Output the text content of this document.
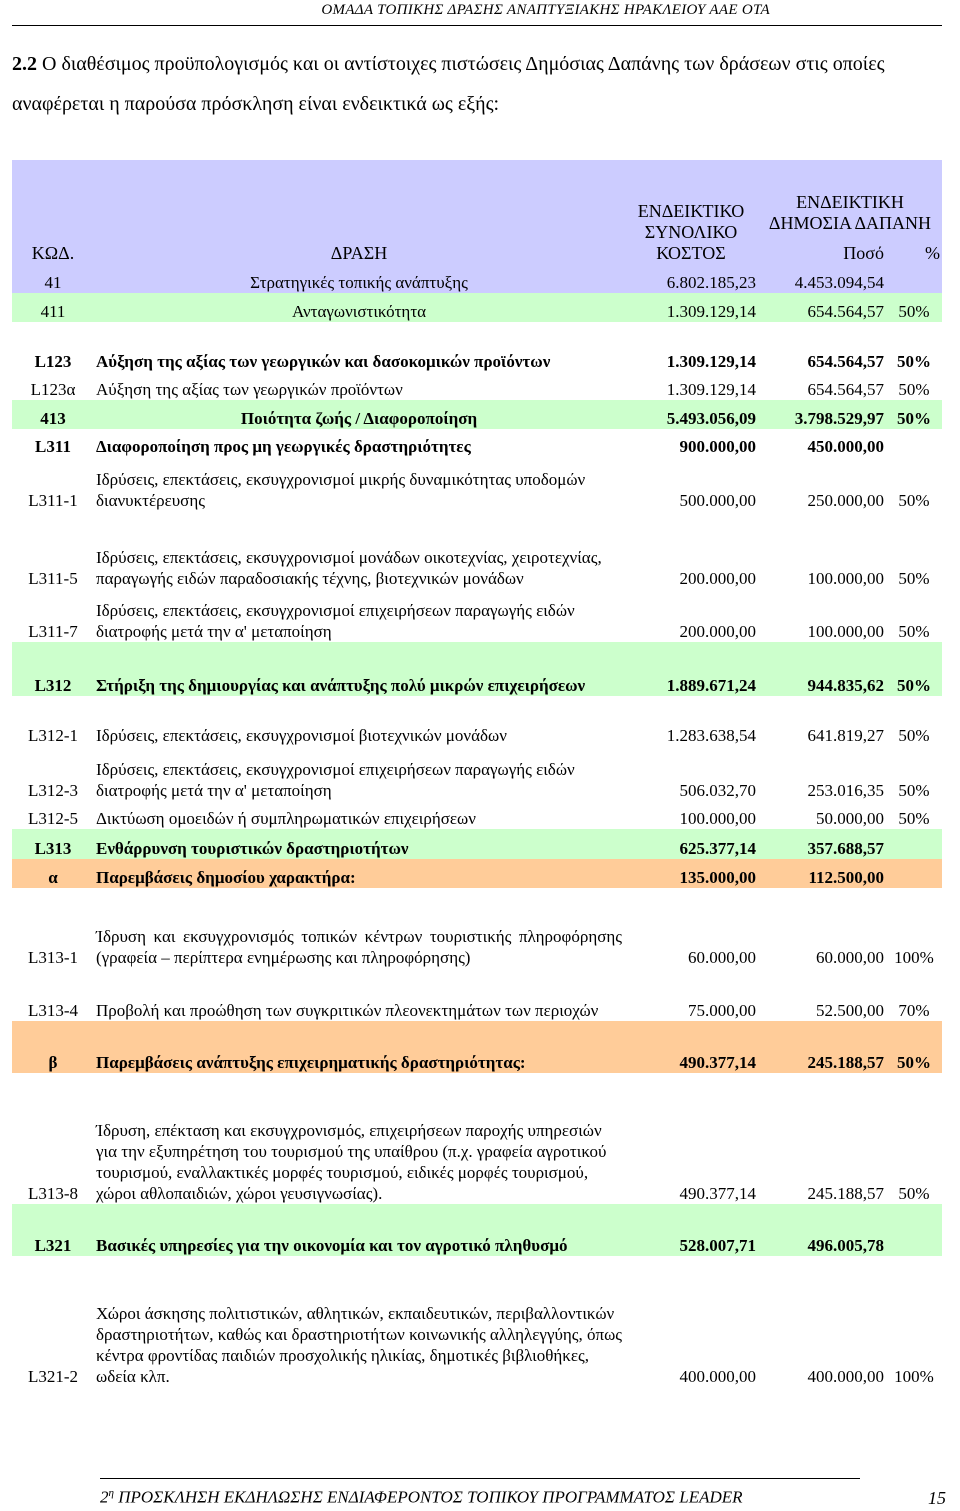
ΟΜΑΔΑ ΤΟΠΙΚΗΣ ΔΡΑΣΗΣ ΑΝΑΠΤΥΞΙΑΚΗΣ ΗΡΑΚΛΕΙΟΥ ΑΑΕ ΟΤΑ
2.2 Ο διαθέσιμος προϋπολογισμός και οι αντίστοιχες πιστώσεις Δημόσιας Δαπάνης των δράσεων στις οποίες αναφέρεται η παρούσα πρόσκληση είναι ενδεικτικά ως εξής:
ΚΩΔ.	ΔΡΑΣΗ	ΕΝΔΕΙΚΤΙΚΟ ΣΥΝΟΛΙΚΟ ΚΟΣΤΟΣ	ΕΝΔΕΙΚΤΙΚΗ ΔΗΜΟΣΙΑ ΔΑΠΑΝΗ	
			Ποσό	%
41	Στρατηγικές τοπικής ανάπτυξης	6.802.185,23	4.453.094,54	
411	Ανταγωνιστικότητα	1.309.129,14	654.564,57	50%
L123	Αύξηση της αξίας των γεωργικών και δασοκομικών προϊόντων	1.309.129,14	654.564,57	50%
L123α	Αύξηση της αξίας των γεωργικών προϊόντων	1.309.129,14	654.564,57	50%
413	Ποιότητα ζωής / Διαφοροποίηση	5.493.056,09	3.798.529,97	50%
L311	Διαφοροποίηση προς μη γεωργικές δραστηριότητες	900.000,00	450.000,00	
L311-1	Ιδρύσεις, επεκτάσεις, εκσυγχρονισμοί μικρής δυναμικότητας υποδομών διανυκτέρευσης	500.000,00	250.000,00	50%
L311-5	Ιδρύσεις, επεκτάσεις, εκσυγχρονισμοί μονάδων οικοτεχνίας, χειροτεχνίας, παραγωγής ειδών παραδοσιακής τέχνης, βιοτεχνικών μονάδων	200.000,00	100.000,00	50%
L311-7	Ιδρύσεις, επεκτάσεις, εκσυγχρονισμοί επιχειρήσεων παραγωγής ειδών διατροφής μετά την α' μεταποίηση	200.000,00	100.000,00	50%
L312	Στήριξη της δημιουργίας και ανάπτυξης πολύ μικρών επιχειρήσεων	1.889.671,24	944.835,62	50%
L312-1	Ιδρύσεις, επεκτάσεις, εκσυγχρονισμοί βιοτεχνικών μονάδων	1.283.638,54	641.819,27	50%
L312-3	Ιδρύσεις, επεκτάσεις, εκσυγχρονισμοί επιχειρήσεων παραγωγής ειδών διατροφής μετά την α' μεταποίηση	506.032,70	253.016,35	50%
L312-5	Δικτύωση ομοειδών ή συμπληρωματικών επιχειρήσεων	100.000,00	50.000,00	50%
L313	Ενθάρρυνση τουριστικών δραστηριοτήτων	625.377,14	357.688,57	
α	Παρεμβάσεις δημοσίου χαρακτήρα:	135.000,00	112.500,00	
L313-1	Ίδρυση και εκσυγχρονισμός τοπικών κέντρων τουριστικής πληροφόρησης (γραφεία – περίπτερα ενημέρωσης και πληροφόρησης)	60.000,00	60.000,00	100%
L313-4	Προβολή και προώθηση των συγκριτικών πλεονεκτημάτων των περιοχών	75.000,00	52.500,00	70%
β	Παρεμβάσεις ανάπτυξης επιχειρηματικής δραστηριότητας:	490.377,14	245.188,57	50%
L313-8	Ίδρυση, επέκταση και εκσυγχρονισμός, επιχειρήσεων παροχής υπηρεσιών για την εξυπηρέτηση του τουρισμού της υπαίθρου (π.χ. γραφεία αγροτικού τουρισμού, εναλλακτικές μορφές τουρισμού, ειδικές μορφές τουρισμού, χώροι αθλοπαιδιών, χώροι γευσιγνωσίας).	490.377,14	245.188,57	50%
L321	Βασικές υπηρεσίες για την οικονομία και τον αγροτικό πληθυσμό	528.007,71	496.005,78	
L321-2	Χώροι άσκησης πολιτιστικών, αθλητικών, εκπαιδευτικών, περιβαλλοντικών δραστηριοτήτων, καθώς και δραστηριοτήτων κοινωνικής αλληλεγγύης, όπως κέντρα φροντίδας παιδιών προσχολικής ηλικίας, δημοτικές βιβλιοθήκες, ωδεία κλπ.	400.000,00	400.000,00	100%
$2^\eta$ ΠΡΟΣΚΛΗΣΗ ΕΚΔΗΛΩΣΗΣ ΕΝΔΙΑΦΕΡΟΝΤΟΣ ΤΟΠΙΚΟΥ ΠΡΟΓΡΑΜΜΑΤΟΣ LEADER	15
